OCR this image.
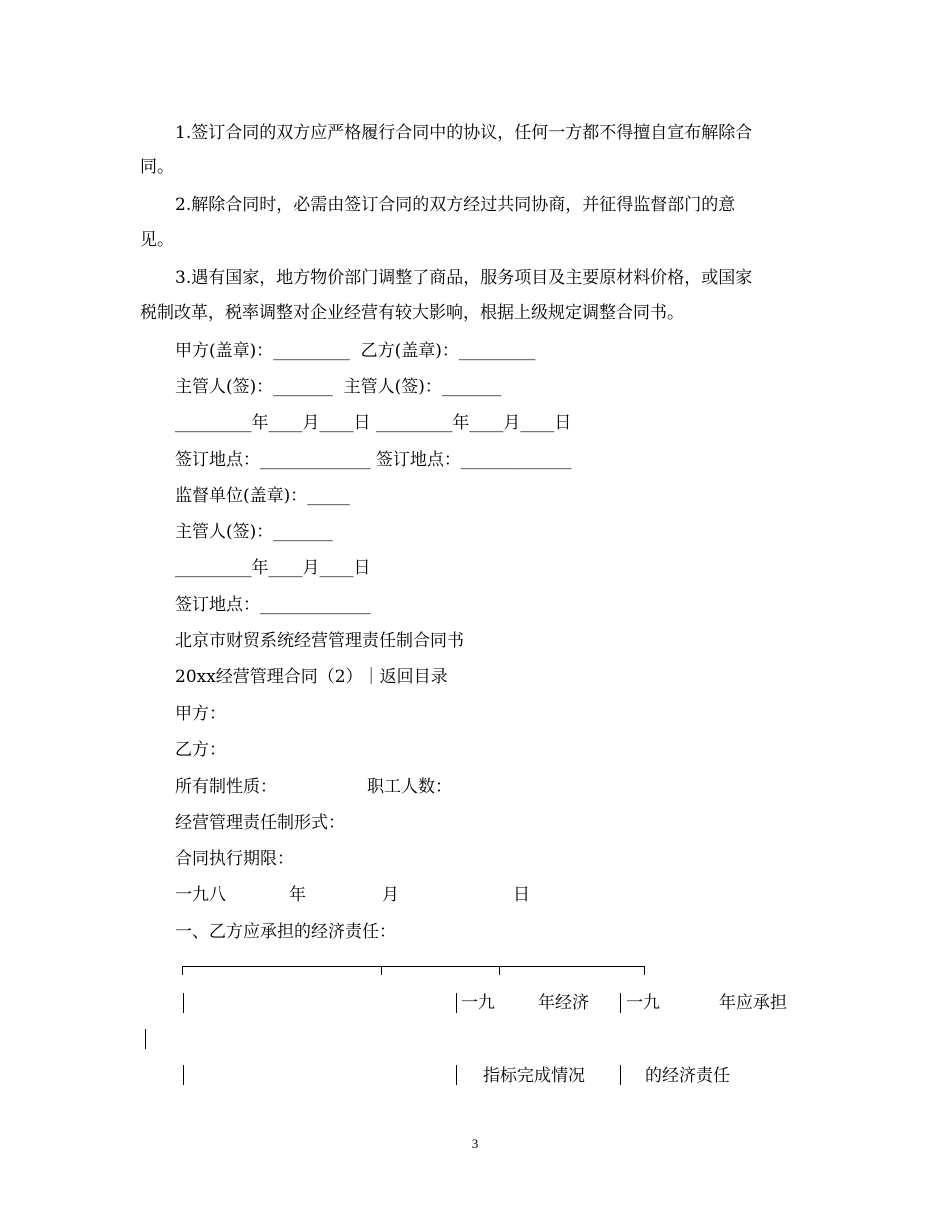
1.签订合同的双方应严格履行合同中的协议，任何一方都不得擅自宣布解除合
同。
2.解除合同时，必需由签订合同的双方经过共同协商，并征得监督部门的意
见。
3.遇有国家，地方物价部门调整了商品，服务项目及主要原材料价格，或国家
税制改革，税率调整对企业经营有较大影响，根据上级规定调整合同书。
甲方(盖章)：_________  乙方(盖章)：_________
主管人(签)：_______  主管人(签)：_______
_________年____月____日 _________年____月____日
签订地点：_____________ 签订地点：_____________
监督单位(盖章)：_____
主管人(签)：_______
_________年____月____日
签订地点：_____________
北京市财贸系统经营管理责任制合同书
20xx经营管理合同（2）｜返回目录
甲方：
乙方：
所有制性质：	职工人数：
经营管理责任制形式：
合同执行期限：
一九八	年	月	日
一、乙方应承担的经济责任：
一九	年经济 一九	年应承担
指标完成情况	的经济责任
3
